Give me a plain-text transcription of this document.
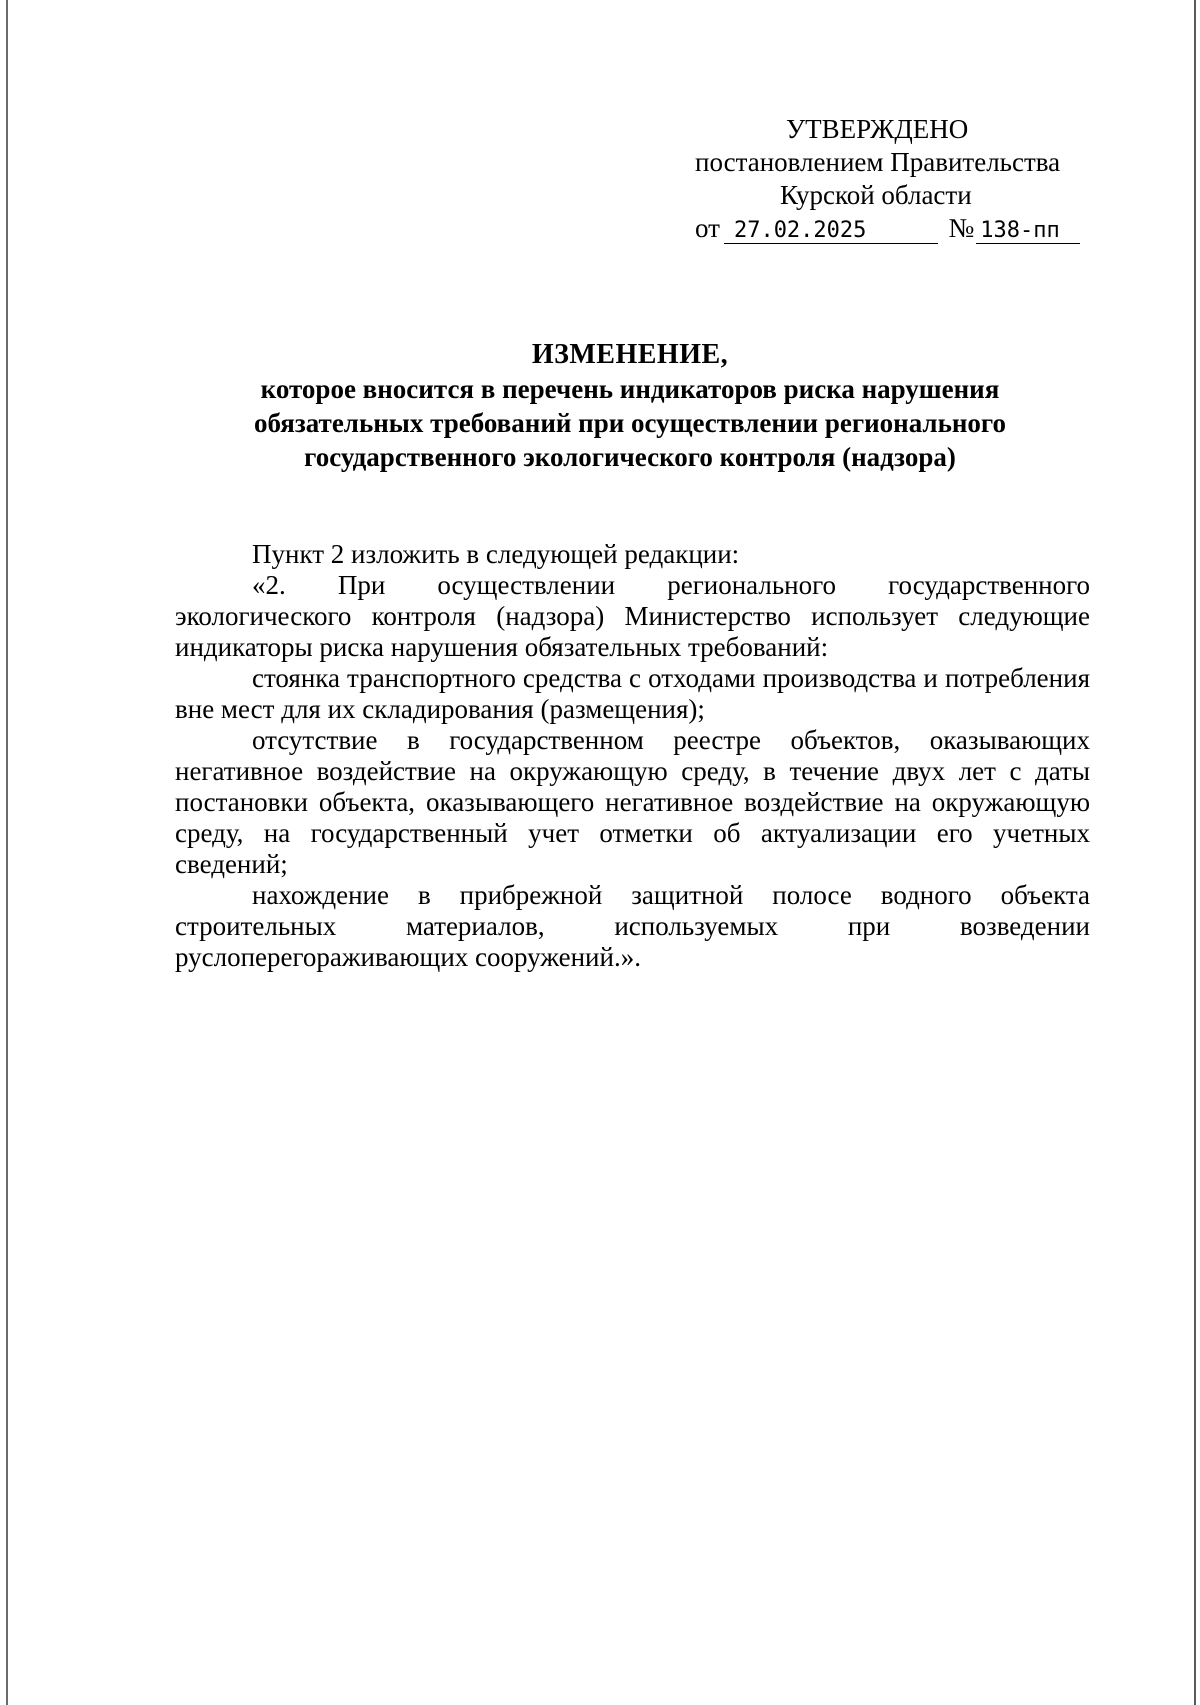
УТВЕРЖДЕНО
постановлением Правительства
Курской области
от 27.02.2025	№ 138-пп
ИЗМЕНЕНИЕ,
которое вносится в перечень индикаторов риска нарушения
обязательных требований при осуществлении регионального
государственного экологического контроля (надзора)

Пункт 2 изложить в следующей редакции:

«2. При осуществлении регионального государственного экологического контроля (надзора) Министерство использует следующие индикаторы риска нарушения обязательных требований:

стоянка транспортного средства с отходами производства и потребления вне мест для их складирования (размещения);

отсутствие в государственном реестре объектов, оказывающих негативное воздействие на окружающую среду, в течение двух лет с даты постановки объекта, оказывающего негативное воздействие на окружающую среду, на государственный учет отметки об актуализации его учетных сведений;

нахождение в прибрежной защитной полосе водного объекта строительных материалов, используемых при возведении руслоперегораживающих сооружений.».
